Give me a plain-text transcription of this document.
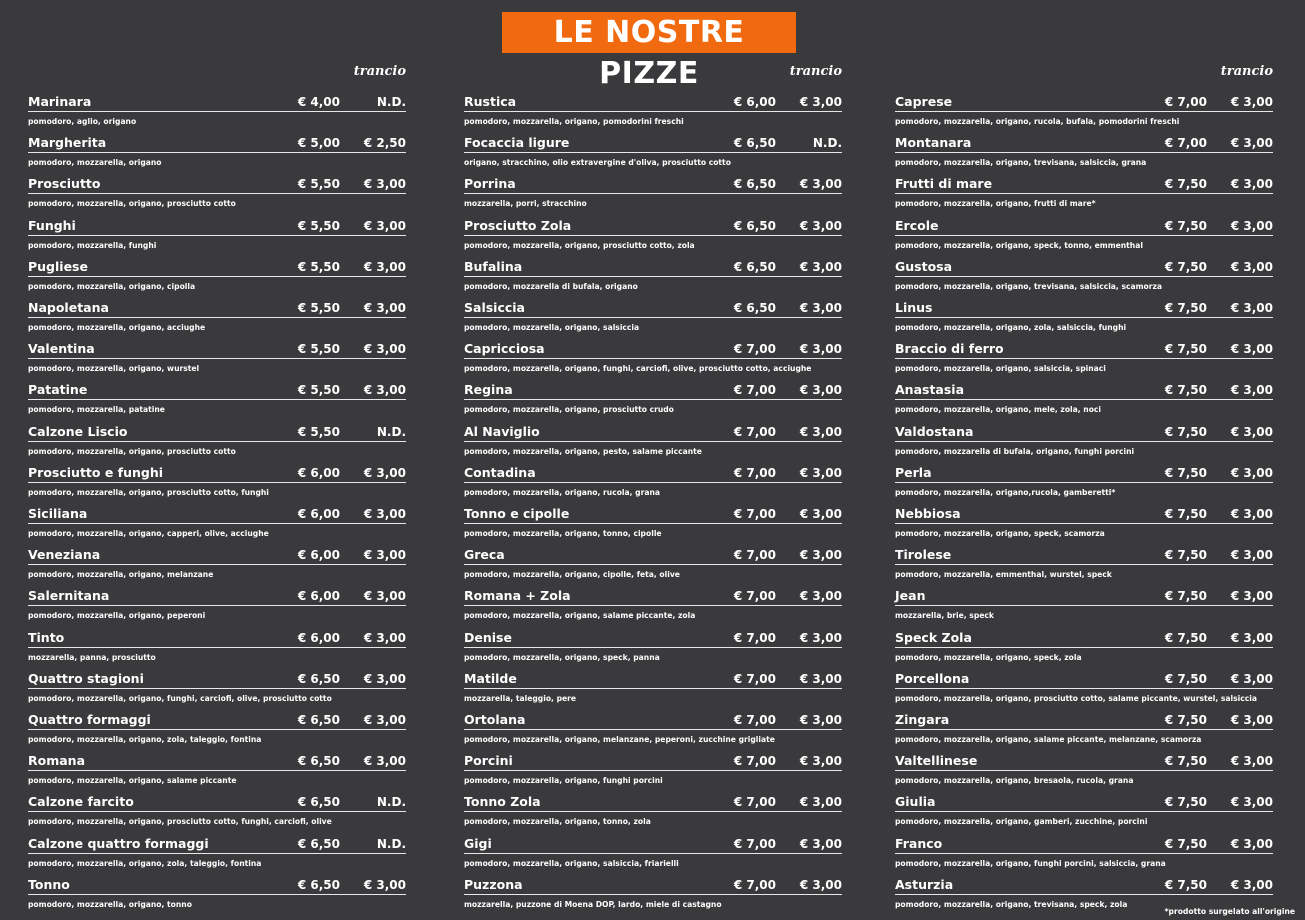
LE NOSTRE PIZZE
trancio
Marinara	€ 4,00	N.D.
pomodoro, aglio, origano
Margherita	€ 5,00	€ 2,50
pomodoro, mozzarella, origano
Prosciutto	€ 5,50	€ 3,00
pomodoro, mozzarella, origano, prosciutto cotto
Funghi	€ 5,50	€ 3,00
pomodoro, mozzarella, funghi
Pugliese	€ 5,50	€ 3,00
pomodoro, mozzarella, origano, cipolla
Napoletana	€ 5,50	€ 3,00
pomodoro, mozzarella, origano, acciughe
Valentina	€ 5,50	€ 3,00
pomodoro, mozzarella, origano, wurstel
Patatine	€ 5,50	€ 3,00
pomodoro, mozzarella, patatine
Calzone Liscio	€ 5,50	N.D.
pomodoro, mozzarella, origano, prosciutto cotto
Prosciutto e funghi	€ 6,00	€ 3,00
pomodoro, mozzarella, origano, prosciutto cotto, funghi
Siciliana	€ 6,00	€ 3,00
pomodoro, mozzarella, origano, capperi, olive, acciughe
Veneziana	€ 6,00	€ 3,00
pomodoro, mozzarella, origano, melanzane
Salernitana	€ 6,00	€ 3,00
pomodoro, mozzarella, origano, peperoni
Tinto	€ 6,00	€ 3,00
mozzarella, panna, prosciutto
Quattro stagioni	€ 6,50	€ 3,00
pomodoro, mozzarella, origano, funghi, carciofi, olive, prosciutto cotto
Quattro formaggi	€ 6,50	€ 3,00
pomodoro, mozzarella, origano, zola, taleggio, fontina
Romana	€ 6,50	€ 3,00
pomodoro, mozzarella, origano, salame piccante
Calzone farcito	€ 6,50	N.D.
pomodoro, mozzarella, origano, prosciutto cotto, funghi, carciofi, olive
Calzone quattro formaggi	€ 6,50	N.D.
pomodoro, mozzarella, origano, zola, taleggio, fontina
Tonno	€ 6,50	€ 3,00
pomodoro, mozzarella, origano, tonno
trancio
Rustica	€ 6,00	€ 3,00
pomodoro, mozzarella, origano, pomodorini freschi
Focaccia ligure	€ 6,50	N.D.
origano, stracchino, olio extravergine d'oliva, prosciutto cotto
Porrina	€ 6,50	€ 3,00
mozzarella, porri, stracchino
Prosciutto Zola	€ 6,50	€ 3,00
pomodoro, mozzarella, origano, prosciutto cotto, zola
Bufalina	€ 6,50	€ 3,00
pomodoro, mozzarella di bufala, origano
Salsiccia	€ 6,50	€ 3,00
pomodoro, mozzarella, origano, salsiccia
Capricciosa	€ 7,00	€ 3,00
pomodoro, mozzarella, origano, funghi, carciofi, olive, prosciutto cotto, acciughe
Regina	€ 7,00	€ 3,00
pomodoro, mozzarella, origano, prosciutto crudo
Al Naviglio	€ 7,00	€ 3,00
pomodoro, mozzarella, origano, pesto, salame piccante
Contadina	€ 7,00	€ 3,00
pomodoro, mozzarella, origano, rucola, grana
Tonno e cipolle	€ 7,00	€ 3,00
pomodoro, mozzarella, origano, tonno, cipolle
Greca	€ 7,00	€ 3,00
pomodoro, mozzarella, origano, cipolle, feta, olive
Romana + Zola	€ 7,00	€ 3,00
pomodoro, mozzarella, origano, salame piccante, zola
Denise	€ 7,00	€ 3,00
pomodoro, mozzarella, origano, speck, panna
Matilde	€ 7,00	€ 3,00
mozzarella, taleggio, pere
Ortolana	€ 7,00	€ 3,00
pomodoro, mozzarella, origano, melanzane, peperoni, zucchine grigliate
Porcini	€ 7,00	€ 3,00
pomodoro, mozzarella, origano, funghi porcini
Tonno Zola	€ 7,00	€ 3,00
pomodoro, mozzarella, origano, tonno, zola
Gigi	€ 7,00	€ 3,00
pomodoro, mozzarella, origano, salsiccia, friarielli
Puzzona	€ 7,00	€ 3,00
mozzarella, puzzone di Moena DOP, lardo, miele di castagno
trancio
Caprese	€ 7,00	€ 3,00
pomodoro, mozzarella, origano, rucola, bufala, pomodorini freschi
Montanara	€ 7,00	€ 3,00
pomodoro, mozzarella, origano, trevisana, salsiccia, grana
Frutti di mare	€ 7,50	€ 3,00
pomodoro, mozzarella, origano, frutti di mare*
Ercole	€ 7,50	€ 3,00
pomodoro, mozzarella, origano, speck, tonno, emmenthal
Gustosa	€ 7,50	€ 3,00
pomodoro, mozzarella, origano, trevisana, salsiccia, scamorza
Linus	€ 7,50	€ 3,00
pomodoro, mozzarella, origano, zola, salsiccia, funghi
Braccio di ferro	€ 7,50	€ 3,00
pomodoro, mozzarella, origano, salsiccia, spinaci
Anastasia	€ 7,50	€ 3,00
pomodoro, mozzarella, origano, mele, zola, noci
Valdostana	€ 7,50	€ 3,00
pomodoro, mozzarella di bufala, origano, funghi porcini
Perla	€ 7,50	€ 3,00
pomodoro, mozzarella, origano,rucola, gamberetti*
Nebbiosa	€ 7,50	€ 3,00
pomodoro, mozzarella, origano, speck, scamorza
Tirolese	€ 7,50	€ 3,00
pomodoro, mozzarella, emmenthal, wurstel, speck
Jean	€ 7,50	€ 3,00
mozzarella, brie, speck
Speck Zola	€ 7,50	€ 3,00
pomodoro, mozzarella, origano, speck, zola
Porcellona	€ 7,50	€ 3,00
pomodoro, mozzarella, origano, prosciutto cotto, salame piccante, wurstel, salsiccia
Zingara	€ 7,50	€ 3,00
pomodoro, mozzarella, origano, salame piccante, melanzane, scamorza
Valtellinese	€ 7,50	€ 3,00
pomodoro, mozzarella, origano, bresaola, rucola, grana
Giulia	€ 7,50	€ 3,00
pomodoro, mozzarella, origano, gamberi, zucchine, porcini
Franco	€ 7,50	€ 3,00
pomodoro, mozzarella, origano, funghi porcini, salsiccia, grana
Asturzia	€ 7,50	€ 3,00
pomodoro, mozzarella, origano, trevisana, speck, zola
*prodotto surgelato all'origine
